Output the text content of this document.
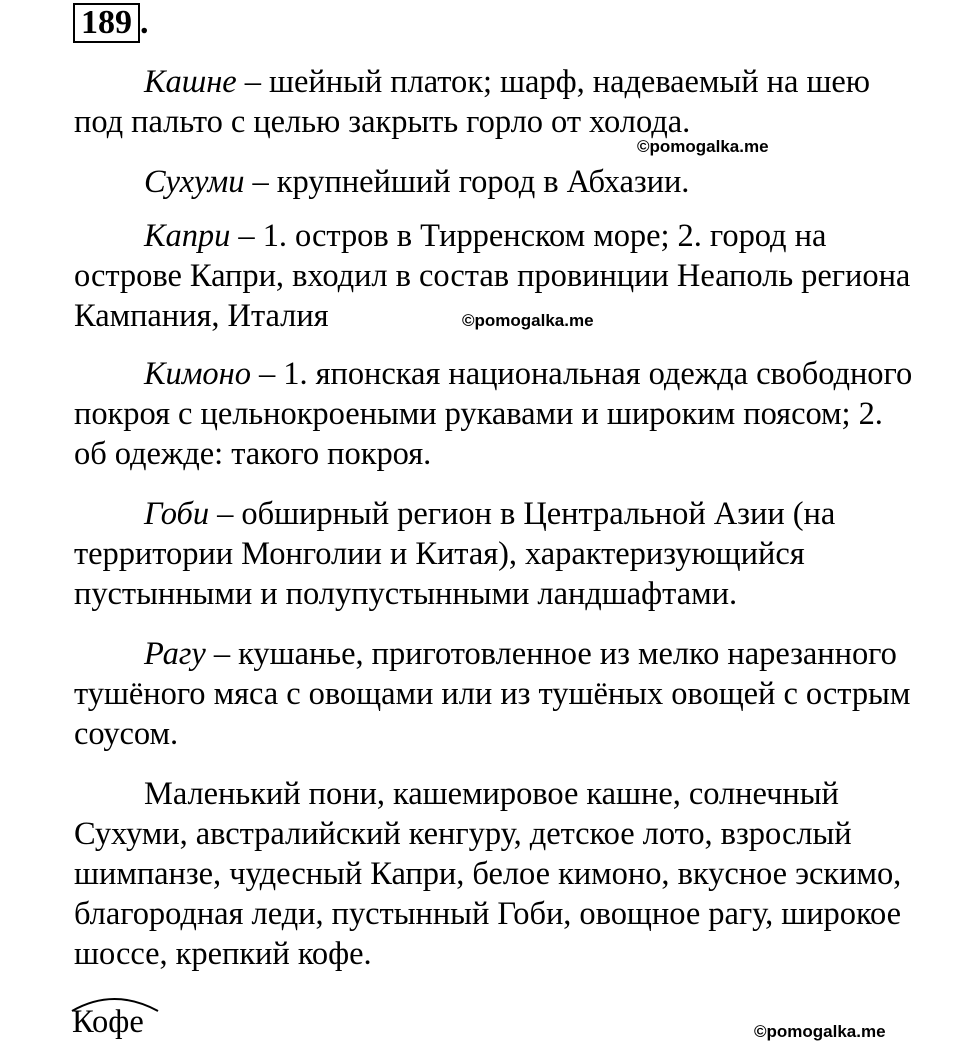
189 .
Кашне – шейный платок; шарф, надеваемый на шею
под пальто с целью закрыть горло от холода.
©pomogalka.me
Сухуми – крупнейший город в Абхазии.
Капри – 1. остров в Тирренском море; 2. город на
острове Капри, входил в состав провинции Неаполь региона
Кампания, Италия	©pomogalka.me
Кимоно – 1. японская национальная одежда свободного
покроя с цельнокроеными рукавами и широким поясом; 2.
об одежде: такого покроя.
Гоби – обширный регион в Центральной Азии (на
территории Монголии и Китая), характеризующийся
пустынными и полупустынными ландшафтами.
Рагу – кушанье, приготовленное из мелко нарезанного
тушёного мяса с овощами или из тушёных овощей с острым
соусом.
Маленький пони, кашемировое кашне, солнечный
Сухуми, австралийский кенгуру, детское лото, взрослый
шимпанзе, чудесный Капри, белое кимоно, вкусное эскимо,
благородная леди, пустынный Гоби, овощное рагу, широкое
шоссе, крепкий кофе.
Кофе	©pomogalka.me
